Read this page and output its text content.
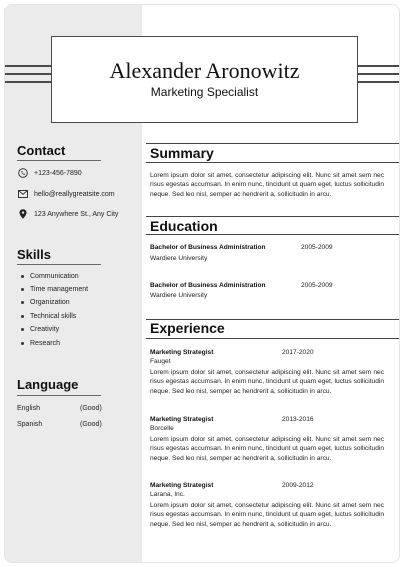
Alexander Aronowitz
Marketing Specialist
Contact
+123-456-7890
hello@reallygreatsite.com
123 Anywhere St., Any City
Skills
Communication
Time management
Organization
Technical skills
Creativity
Research
Language
English	(Good)
Spanish	(Good)
Summary
Lorem ipsum dolor sit amet, consectetur adipiscing elit. Nunc sit amet sem nec risus egestas accumsan. In enim nunc, tincidunt ut quam eget, luctus sollicitudin neque. Sed leo nisl, semper ac hendrerit a, sollicitudin in arcu.
Education
Bachelor of Business Administration	2005-2009
Wardiere University
Bachelor of Business Administration	2005-2009
Wardiere University
Experience
Marketing Strategist	2017-2020
Fauget
Lorem ipsum dolor sit amet, consectetur adipiscing elit. Nunc sit amet sem nec risus egestas accumsan. In enim nunc, tincidunt ut quam eget, luctus sollicitudin neque. Sed leo nisl, semper ac hendrerit a, sollicitudin in arcu.
Marketing Strategist	2013-2016
Borcelle
Lorem ipsum dolor sit amet, consectetur adipiscing elit. Nunc sit amet sem nec risus egestas accumsan. In enim nunc, tincidunt ut quam eget, luctus sollicitudin neque. Sed leo nisl, semper ac hendrerit a, sollicitudin in arcu.
Marketing Strategist	2009-2012
Larana, Inc.
Lorem ipsum dolor sit amet, consectetur adipiscing elit. Nunc sit amet sem nec risus egestas accumsan. In enim nunc, tincidunt ut quam eget, luctus sollicitudin neque. Sed leo nisl, semper ac hendrerit a, sollicitudin in arcu.
